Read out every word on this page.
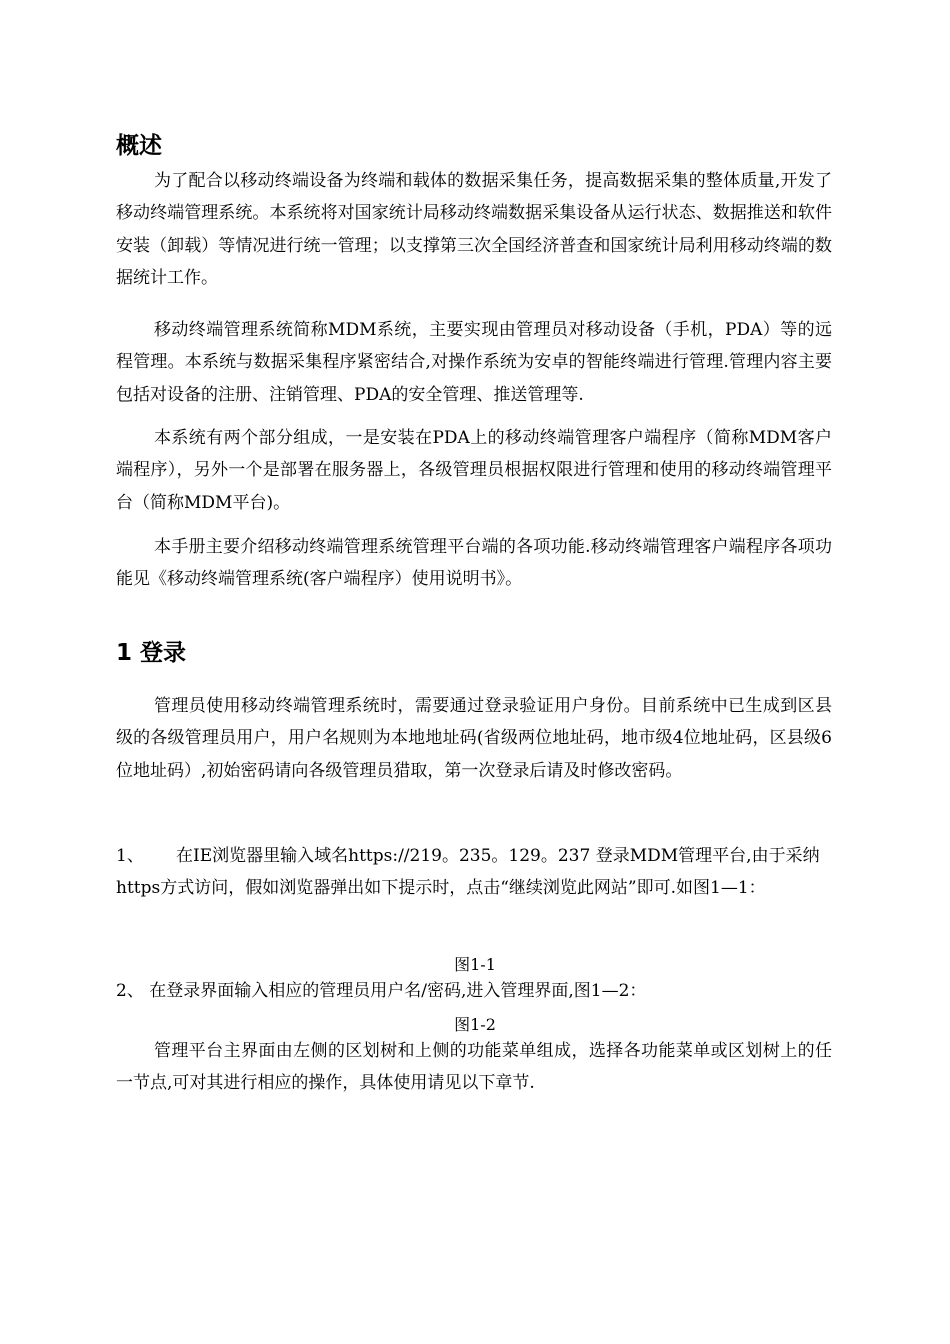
概述

为了配合以移动终端设备为终端和载体的数据采集任务，提高数据采集的整体质量,开发了移动终端管理系统。本系统将对国家统计局移动终端数据采集设备从运行状态、数据推送和软件安装（卸载）等情况进行统一管理；以支撑第三次全国经济普查和国家统计局利用移动终端的数据统计工作。

移动终端管理系统简称MDM系统，主要实现由管理员对移动设备（手机，PDA）等的远程管理。本系统与数据采集程序紧密结合,对操作系统为安卓的智能终端进行管理.管理内容主要包括对设备的注册、注销管理、PDA的安全管理、推送管理等.

本系统有两个部分组成，一是安装在PDA上的移动终端管理客户端程序（简称MDM客户端程序），另外一个是部署在服务器上，各级管理员根据权限进行管理和使用的移动终端管理平台（简称MDM平台)。

本手册主要介绍移动终端管理系统管理平台端的各项功能.移动终端管理客户端程序各项功能见《移动终端管理系统(客户端程序）使用说明书》。

1 登录

管理员使用移动终端管理系统时，需要通过登录验证用户身份。目前系统中已生成到区县级的各级管理员用户，用户名规则为本地地址码(省级两位地址码，地市级4位地址码，区县级6位地址码）,初始密码请向各级管理员猎取，第一次登录后请及时修改密码。

1、 在IE浏览器里输入域名https://219。235。129。237 登录MDM管理平台,由于采纳https方式访问，假如浏览器弹出如下提示时，点击“继续浏览此网站”即可.如图1—1：

图1-1

2、 在登录界面输入相应的管理员用户名/密码,进入管理界面,图1—2：

图1-2

管理平台主界面由左侧的区划树和上侧的功能菜单组成，选择各功能菜单或区划树上的任一节点,可对其进行相应的操作，具体使用请见以下章节.
